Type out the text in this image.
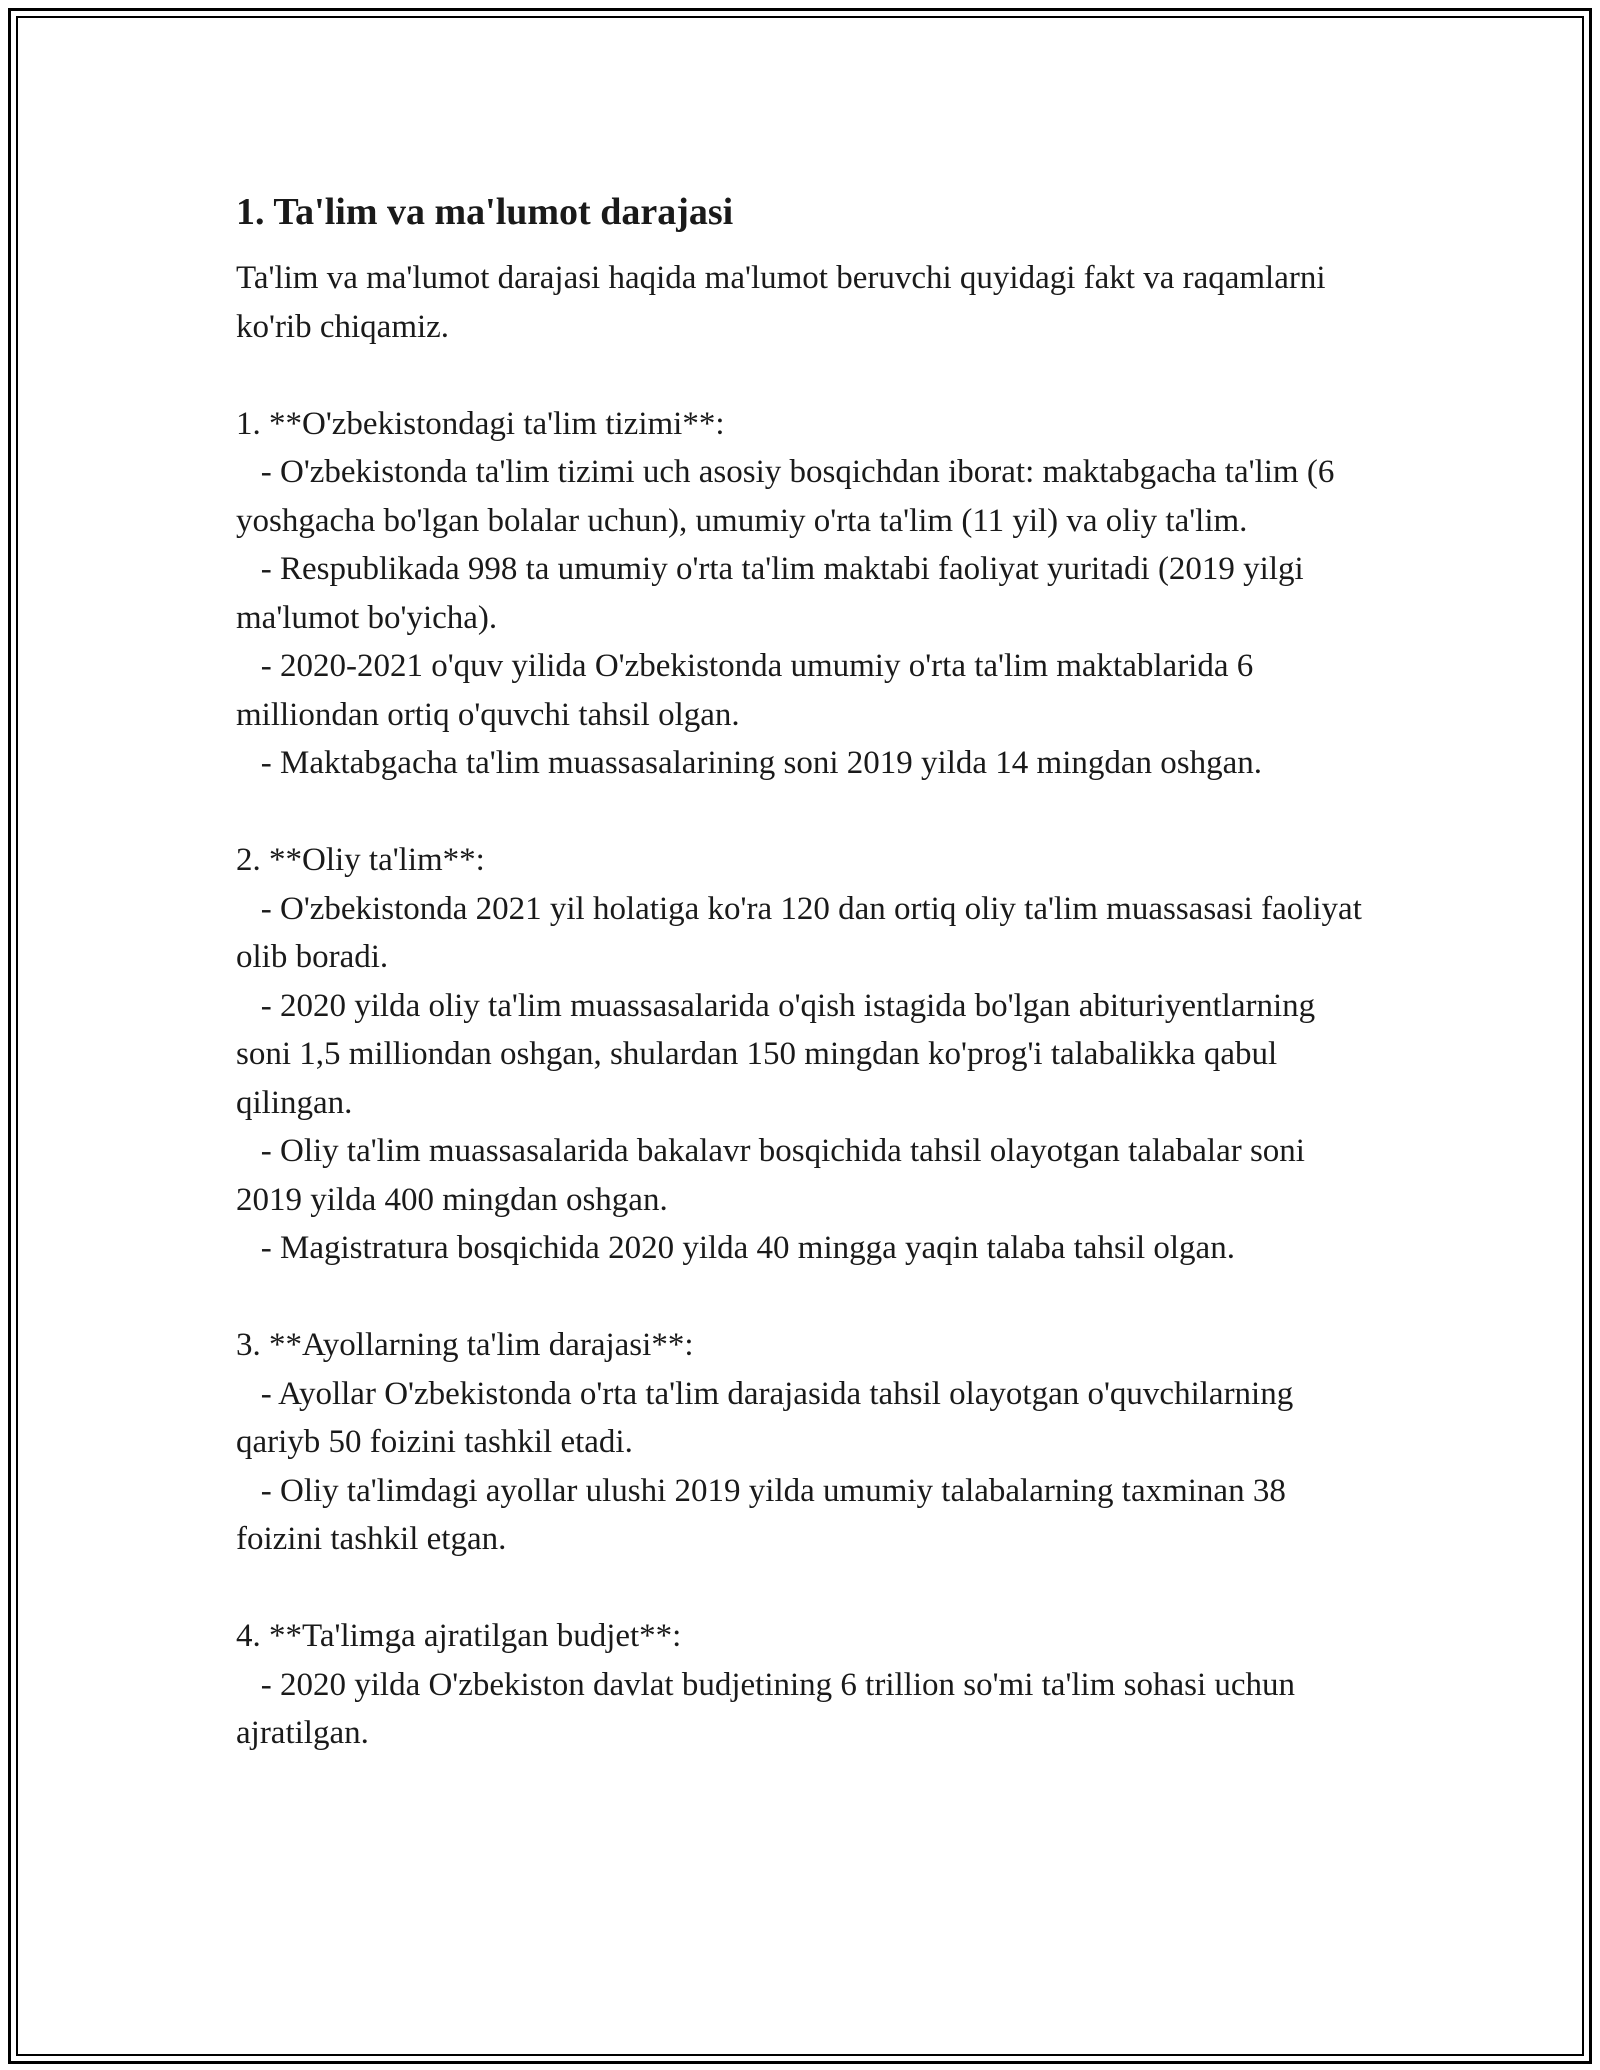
1. Ta'lim va ma'lumot darajasi

Ta'lim va ma'lumot darajasi haqida ma'lumot beruvchi quyidagi fakt va raqamlarni ko'rib chiqamiz.

1. **O'zbekistondagi ta'lim tizimi**:

- O'zbekistonda ta'lim tizimi uch asosiy bosqichdan iborat: maktabgacha ta'lim (6 yoshgacha bo'lgan bolalar uchun), umumiy o'rta ta'lim (11 yil) va oliy ta'lim.

- Respublikada 998 ta umumiy o'rta ta'lim maktabi faoliyat yuritadi (2019 yilgi ma'lumot bo'yicha).

- 2020-2021 o'quv yilida O'zbekistonda umumiy o'rta ta'lim maktablarida 6 milliondan ortiq o'quvchi tahsil olgan.

- Maktabgacha ta'lim muassasalarining soni 2019 yilda 14 mingdan oshgan.

2. **Oliy ta'lim**:

- O'zbekistonda 2021 yil holatiga ko'ra 120 dan ortiq oliy ta'lim muassasasi faoliyat olib boradi.

- 2020 yilda oliy ta'lim muassasalarida o'qish istagida bo'lgan abituriyentlarning soni 1,5 milliondan oshgan, shulardan 150 mingdan ko'prog'i talabalikka qabul qilingan.

- Oliy ta'lim muassasalarida bakalavr bosqichida tahsil olayotgan talabalar soni 2019 yilda 400 mingdan oshgan.

- Magistratura bosqichida 2020 yilda 40 mingga yaqin talaba tahsil olgan.

3. **Ayollarning ta'lim darajasi**:

- Ayollar O'zbekistonda o'rta ta'lim darajasida tahsil olayotgan o'quvchilarning qariyb 50 foizini tashkil etadi.

- Oliy ta'limdagi ayollar ulushi 2019 yilda umumiy talabalarning taxminan 38 foizini tashkil etgan.

4. **Ta'limga ajratilgan budjet**:

- 2020 yilda O'zbekiston davlat budjetining 6 trillion so'mi ta'lim sohasi uchun ajratilgan.
